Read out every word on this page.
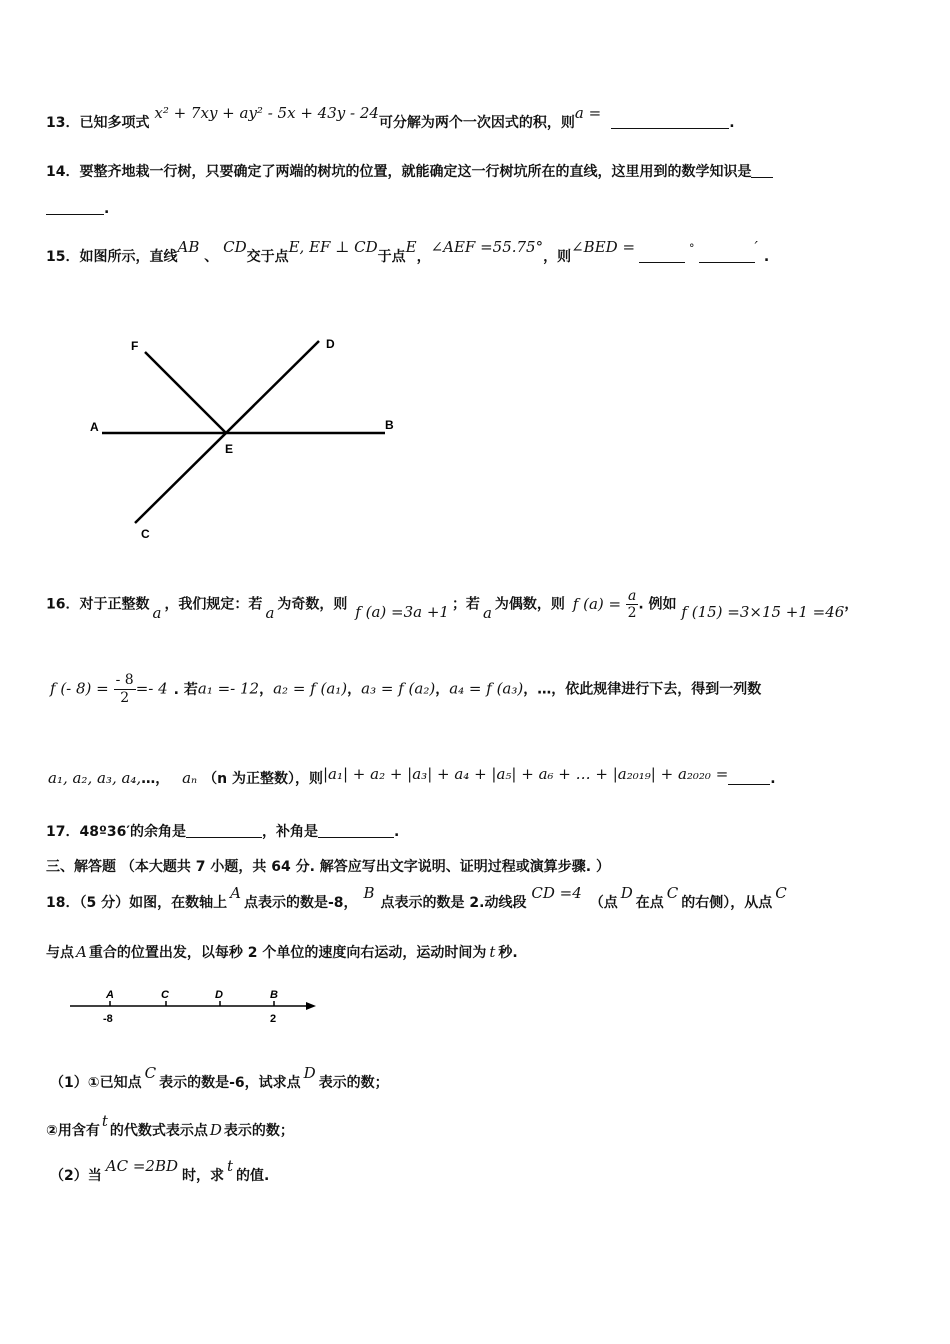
13．已知多项式 x² + 7xy + ay² - 5x + 43y - 24可分解为两个一次因式的积，则a =.
14．要整齐地栽一行树，只要确定了两端的树坑的位置，就能确定这一行树坑所在的直线，这里用到的数学知识是
.
15．如图所示，直线AB 、 CD交于点E, EF ⊥ CD于点E，∠AEF =55.75°，则∠BED =	°	′.
F	D
A	B
E
C
16．对于正整数 a ，我们规定：若 a 为奇数，则 f (a) =3a +1 ；若 a 为偶数，则 f $(a) = \frac{a}{2}$ . 例如 f (15) =3×15 +1 =46，
f (- $8) = \frac{- 8}{2} =- 4$ . 若a₁ =- 12，a₂ = f (a₁)，a₃ = f (a₂)，a₄ = f (a₃)，…，依此规律进行下去，得到一列数
a₁, a₂, a₃, a₄,…， aₙ （n 为正整数），则|a₁| + a₂ + |a₃| + a₄ + |a₅| + a₆ + … + |a₂₀₁₉| + a₂₀₂₀ =	.
17．48º36′的余角是	，补角是	.
三、解答题 （本大题共 7 小题，共 64 分. 解答应写出文字说明、证明过程或演算步骤. ）
18．（5 分）如图，在数轴上A点表示的数是-8，B点表示的数是 2.动线段 CD =4（点D在点C的右侧），从点C
与点 A 重合的位置出发，以每秒 2 个单位的速度向右运动，运动时间为 t 秒.
A	C	D	B
-8	2
（1）①已知点C表示的数是-6，试求点D表示的数；
②用含有t的代数式表示点 D 表示的数；
（2）当AC =2BD时，求t的值.
